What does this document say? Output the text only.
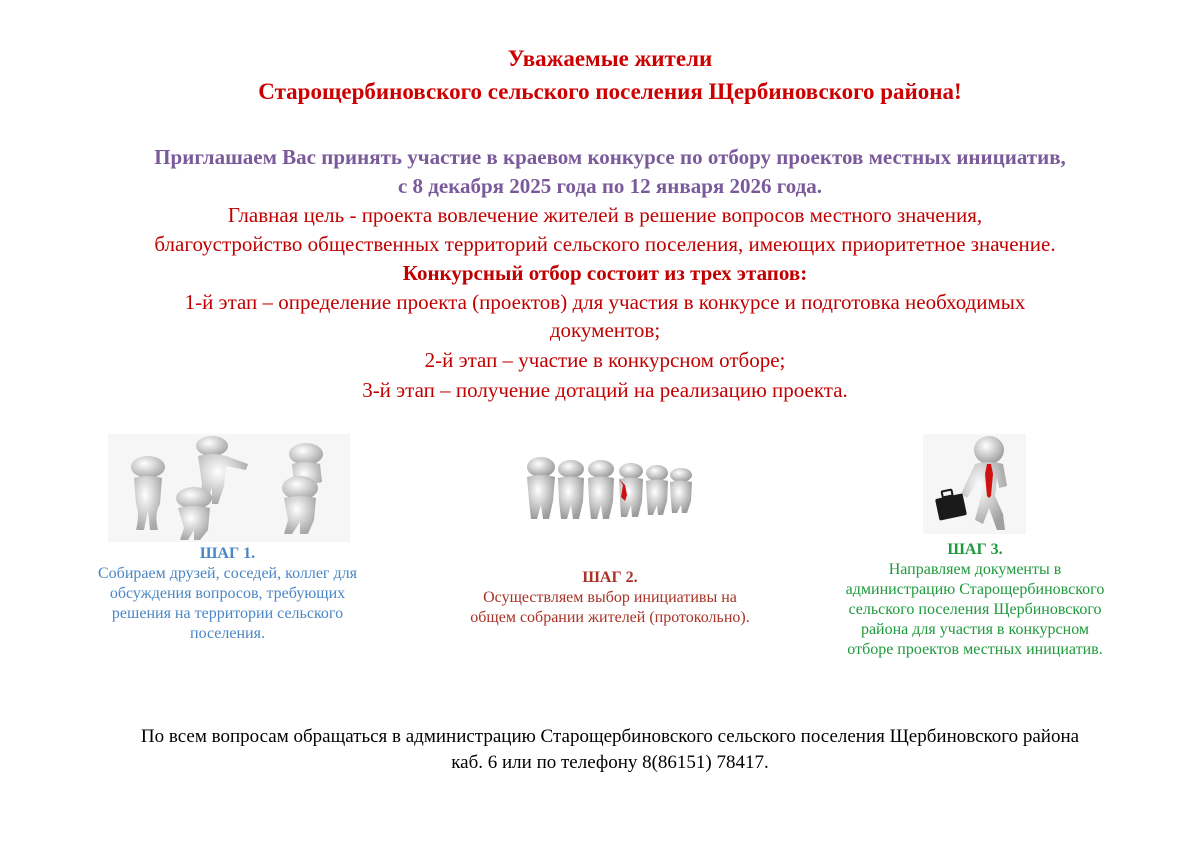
Уважаемые жители
Старощербиновского сельского поселения Щербиновского района!
Приглашаем Вас принять участие в краевом конкурсе по отбору проектов местных инициатив,
с 8 декабря 2025 года по 12 января 2026 года.
Главная цель - проекта вовлечение жителей в решение вопросов местного значения,
благоустройство общественных территорий сельского поселения, имеющих приоритетное значение.
Конкурсный отбор состоит из трех этапов:
1-й этап – определение проекта (проектов) для участия в конкурсе и подготовка необходимых
документов;
2-й этап – участие в конкурсном отборе;
3-й этап – получение дотаций на реализацию проекта.
ШАГ 1.
Собираем друзей, соседей, коллег для
обсуждения вопросов, требующих
решения на территории сельского
поселения.
ШАГ 2.
Осуществляем выбор инициативы на
общем собрании жителей (протокольно).
ШАГ 3.
Направляем документы в
администрацию Старощербиновского
сельского поселения Щербиновского
района для участия в конкурсном
отборе проектов местных инициатив.
По всем вопросам обращаться в администрацию Старощербиновского сельского поселения Щербиновского района
каб. 6 или по телефону 8(86151) 78417.
